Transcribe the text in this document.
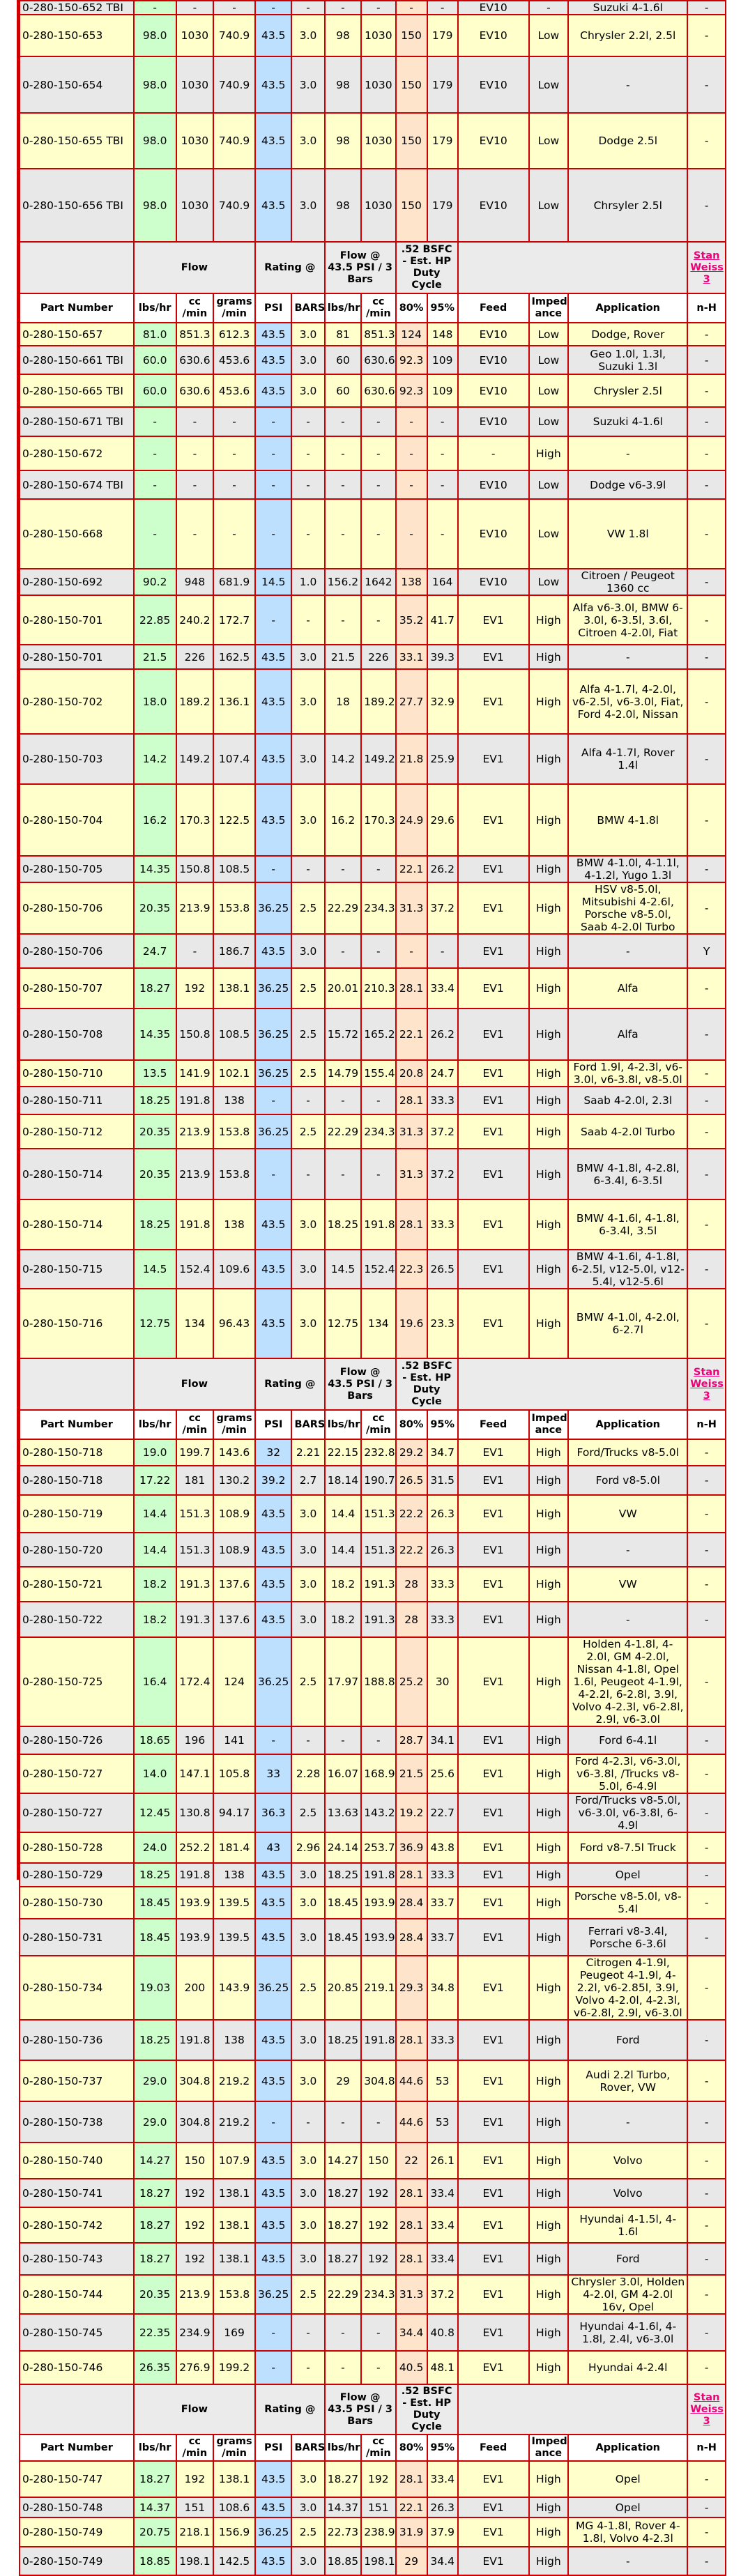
0-280-150-652 TBI	-	-	-	-	-	-	-	-	-	EV10	-	Suzuki 4-1.6l	-
0-280-150-653	98.0	1030	740.9	43.5	3.0	98	1030	150	179	EV10	Low	Chrysler 2.2l, 2.5l	-
0-280-150-654	98.0	1030	740.9	43.5	3.0	98	1030	150	179	EV10	Low	-	-
0-280-150-655 TBI	98.0	1030	740.9	43.5	3.0	98	1030	150	179	EV10	Low	Dodge 2.5l	-
0-280-150-656 TBI	98.0	1030	740.9	43.5	3.0	98	1030	150	179	EV10	Low	Chrsyler 2.5l	-
	Flow			Rating @		Flow @ 43.5 PSI / 3 Bars		.52 BSFC - Est. HP Duty Cycle					Stan Weiss 3
Part Number	lbs/hr	cc /min	grams /min	PSI	BARS	lbs/hr	cc /min	80%	95%	Feed	Imped ance	Application	n-H
0-280-150-657	81.0	851.3	612.3	43.5	3.0	81	851.3	124	148	EV10	Low	Dodge, Rover	-
0-280-150-661 TBI	60.0	630.6	453.6	43.5	3.0	60	630.6	92.3	109	EV10	Low	Geo 1.0l, 1.3l, Suzuki 1.3l	-
0-280-150-665 TBI	60.0	630.6	453.6	43.5	3.0	60	630.6	92.3	109	EV10	Low	Chrysler 2.5l	-
0-280-150-671 TBI	-	-	-	-	-	-	-	-	-	EV10	Low	Suzuki 4-1.6l	-
0-280-150-672	-	-	-	-	-	-	-	-	-	-	High	-	-
0-280-150-674 TBI	-	-	-	-	-	-	-	-	-	EV10	Low	Dodge v6-3.9l	-
0-280-150-668	-	-	-	-	-	-	-	-	-	EV10	Low	VW 1.8l	-
0-280-150-692	90.2	948	681.9	14.5	1.0	156.2	1642	138	164	EV10	Low	Citroen / Peugeot 1360 cc	-
0-280-150-701	22.85	240.2	172.7	-	-	-	-	35.2	41.7	EV1	High	Alfa v6-3.0l, BMW 6-3.0l, 6-3.5l, 3.6l, Citroen 4-2.0l, Fiat	-
0-280-150-701	21.5	226	162.5	43.5	3.0	21.5	226	33.1	39.3	EV1	High	-	-
0-280-150-702	18.0	189.2	136.1	43.5	3.0	18	189.2	27.7	32.9	EV1	High	Alfa 4-1.7l, 4-2.0l, v6-2.5l, v6-3.0l, Fiat, Ford 4-2.0l, Nissan	-
0-280-150-703	14.2	149.2	107.4	43.5	3.0	14.2	149.2	21.8	25.9	EV1	High	Alfa 4-1.7l, Rover 1.4l	-
0-280-150-704	16.2	170.3	122.5	43.5	3.0	16.2	170.3	24.9	29.6	EV1	High	BMW 4-1.8l	-
0-280-150-705	14.35	150.8	108.5	-	-	-	-	22.1	26.2	EV1	High	BMW 4-1.0l, 4-1.1l, 4-1.2l, Yugo 1.3l	-
0-280-150-706	20.35	213.9	153.8	36.25	2.5	22.29	234.3	31.3	37.2	EV1	High	HSV v8-5.0l, Mitsubishi 4-2.6l, Porsche v8-5.0l, Saab 4-2.0l Turbo	-
0-280-150-706	24.7	-	186.7	43.5	3.0	-	-	-	-	EV1	High	-	Y
0-280-150-707	18.27	192	138.1	36.25	2.5	20.01	210.3	28.1	33.4	EV1	High	Alfa	-
0-280-150-708	14.35	150.8	108.5	36.25	2.5	15.72	165.2	22.1	26.2	EV1	High	Alfa	-
0-280-150-710	13.5	141.9	102.1	36.25	2.5	14.79	155.4	20.8	24.7	EV1	High	Ford 1.9l, 4-2.3l, v6-3.0l, v6-3.8l, v8-5.0l	-
0-280-150-711	18.25	191.8	138	-	-	-	-	28.1	33.3	EV1	High	Saab 4-2.0l, 2.3l	-
0-280-150-712	20.35	213.9	153.8	36.25	2.5	22.29	234.3	31.3	37.2	EV1	High	Saab 4-2.0l Turbo	-
0-280-150-714	20.35	213.9	153.8	-	-	-	-	31.3	37.2	EV1	High	BMW 4-1.8l, 4-2.8l, 6-3.4l, 6-3.5l	-
0-280-150-714	18.25	191.8	138	43.5	3.0	18.25	191.8	28.1	33.3	EV1	High	BMW 4-1.6l, 4-1.8l, 6-3.4l, 3.5l	-
0-280-150-715	14.5	152.4	109.6	43.5	3.0	14.5	152.4	22.3	26.5	EV1	High	BMW 4-1.6l, 4-1.8l, 6-2.5l, v12-5.0l, v12-5.4l, v12-5.6l	-
0-280-150-716	12.75	134	96.43	43.5	3.0	12.75	134	19.6	23.3	EV1	High	BMW 4-1.0l, 4-2.0l, 6-2.7l	-
	Flow			Rating @		Flow @ 43.5 PSI / 3 Bars		.52 BSFC - Est. HP Duty Cycle					Stan Weiss 3
Part Number	lbs/hr	cc /min	grams /min	PSI	BARS	lbs/hr	cc /min	80%	95%	Feed	Imped ance	Application	n-H
0-280-150-718	19.0	199.7	143.6	32	2.21	22.15	232.8	29.2	34.7	EV1	High	Ford/Trucks v8-5.0l	-
0-280-150-718	17.22	181	130.2	39.2	2.7	18.14	190.7	26.5	31.5	EV1	High	Ford v8-5.0l	-
0-280-150-719	14.4	151.3	108.9	43.5	3.0	14.4	151.3	22.2	26.3	EV1	High	VW	-
0-280-150-720	14.4	151.3	108.9	43.5	3.0	14.4	151.3	22.2	26.3	EV1	High	-	-
0-280-150-721	18.2	191.3	137.6	43.5	3.0	18.2	191.3	28	33.3	EV1	High	VW	-
0-280-150-722	18.2	191.3	137.6	43.5	3.0	18.2	191.3	28	33.3	EV1	High	-	-
0-280-150-725	16.4	172.4	124	36.25	2.5	17.97	188.8	25.2	30	EV1	High	Holden 4-1.8l, 4-2.0l, GM 4-2.0l, Nissan 4-1.8l, Opel 1.6l, Peugeot 4-1.9l, 4-2.2l, 6-2.8l, 3.9l, Volvo 4-2.3l, v6-2.8l, 2.9l, v6-3.0l	-
0-280-150-726	18.65	196	141	-	-	-	-	28.7	34.1	EV1	High	Ford 6-4.1l	-
0-280-150-727	14.0	147.1	105.8	33	2.28	16.07	168.9	21.5	25.6	EV1	High	Ford 4-2.3l, v6-3.0l, v6-3.8l, /Trucks v8-5.0l, 6-4.9l	-
0-280-150-727	12.45	130.8	94.17	36.3	2.5	13.63	143.2	19.2	22.7	EV1	High	Ford/Trucks v8-5.0l, v6-3.0l, v6-3.8l, 6-4.9l	-
0-280-150-728	24.0	252.2	181.4	43	2.96	24.14	253.7	36.9	43.8	EV1	High	Ford v8-7.5l Truck	-
0-280-150-729	18.25	191.8	138	43.5	3.0	18.25	191.8	28.1	33.3	EV1	High	Opel	-
0-280-150-730	18.45	193.9	139.5	43.5	3.0	18.45	193.9	28.4	33.7	EV1	High	Porsche v8-5.0l, v8-5.4l	-
0-280-150-731	18.45	193.9	139.5	43.5	3.0	18.45	193.9	28.4	33.7	EV1	High	Ferrari v8-3.4l, Porsche 6-3.6l	-
0-280-150-734	19.03	200	143.9	36.25	2.5	20.85	219.1	29.3	34.8	EV1	High	Citrogen 4-1.9l, Peugeot 4-1.9l, 4-2.2l, v6-2.85l, 3.9l, Volvo 4-2.0l, 4-2.3l, v6-2.8l, 2.9l, v6-3.0l	-
0-280-150-736	18.25	191.8	138	43.5	3.0	18.25	191.8	28.1	33.3	EV1	High	Ford	-
0-280-150-737	29.0	304.8	219.2	43.5	3.0	29	304.8	44.6	53	EV1	High	Audi 2.2l Turbo, Rover, VW	-
0-280-150-738	29.0	304.8	219.2	-	-	-	-	44.6	53	EV1	High	-	-
0-280-150-740	14.27	150	107.9	43.5	3.0	14.27	150	22	26.1	EV1	High	Volvo	-
0-280-150-741	18.27	192	138.1	43.5	3.0	18.27	192	28.1	33.4	EV1	High	Volvo	-
0-280-150-742	18.27	192	138.1	43.5	3.0	18.27	192	28.1	33.4	EV1	High	Hyundai 4-1.5l, 4-1.6l	-
0-280-150-743	18.27	192	138.1	43.5	3.0	18.27	192	28.1	33.4	EV1	High	Ford	-
0-280-150-744	20.35	213.9	153.8	36.25	2.5	22.29	234.3	31.3	37.2	EV1	High	Chrysler 3.0l, Holden 4-2.0l, GM 4-2.0l 16v, Opel	-
0-280-150-745	22.35	234.9	169	-	-	-	-	34.4	40.8	EV1	High	Hyundai 4-1.6l, 4-1.8l, 2.4l, v6-3.0l	-
0-280-150-746	26.35	276.9	199.2	-	-	-	-	40.5	48.1	EV1	High	Hyundai 4-2.4l	-
	Flow			Rating @		Flow @ 43.5 PSI / 3 Bars		.52 BSFC - Est. HP Duty Cycle					Stan Weiss 3
Part Number	lbs/hr	cc /min	grams /min	PSI	BARS	lbs/hr	cc /min	80%	95%	Feed	Imped ance	Application	n-H
0-280-150-747	18.27	192	138.1	43.5	3.0	18.27	192	28.1	33.4	EV1	High	Opel	-
0-280-150-748	14.37	151	108.6	43.5	3.0	14.37	151	22.1	26.3	EV1	High	Opel	-
0-280-150-749	20.75	218.1	156.9	36.25	2.5	22.73	238.9	31.9	37.9	EV1	High	MG 4-1.8l, Rover 4-1.8l, Volvo 4-2.3l	-
0-280-150-749	18.85	198.1	142.5	43.5	3.0	18.85	198.1	29	34.4	EV1	High	-	-
